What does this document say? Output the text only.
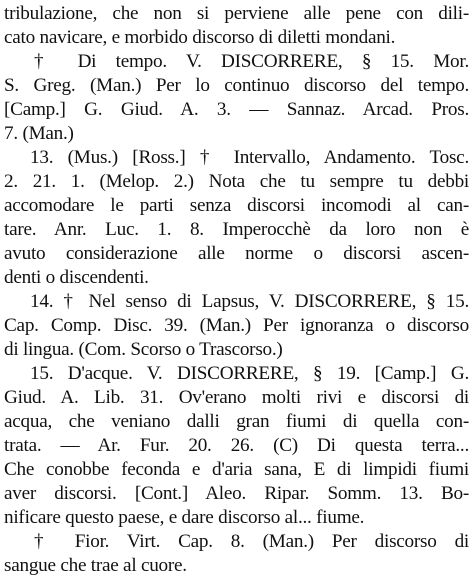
tribulazione, che non si perviene alle pene con dili-
cato navicare, e morbido discorso di diletti mondani.
† Di tempo. V. DISCORRERE, § 15. Mor.
S. Greg. (Man.) Per lo continuo discorso del tempo.
[Camp.] G. Giud. A. 3. — Sannaz. Arcad. Pros.
7. (Man.)
13. (Mus.) [Ross.] † Intervallo, Andamento. Tosc.
2. 21. 1. (Melop. 2.) Nota che tu sempre tu debbi
accomodare le parti senza discorsi incomodi al can-
tare. Anr. Luc. 1. 8. Imperocchè da loro non è
avuto considerazione alle norme o discorsi ascen-
denti o discendenti.
14. † Nel senso di Lapsus, V. DISCORRERE, § 15.
Cap. Comp. Disc. 39. (Man.) Per ignoranza o discorso
di lingua. (Com. Scorso o Trascorso.)
15. D'acque. V. DISCORRERE, § 19. [Camp.] G.
Giud. A. Lib. 31. Ov'erano molti rivi e discorsi di
acqua, che veniano dalli gran fiumi di quella con-
trata. — Ar. Fur. 20. 26. (C) Di questa terra...
Che conobbe feconda e d'aria sana, E di limpidi fiumi
aver discorsi. [Cont.] Aleo. Ripar. Somm. 13. Bo-
nificare questo paese, e dare discorso al... fiume.
† Fior. Virt. Cap. 8. (Man.) Per discorso di
sangue che trae al cuore.
